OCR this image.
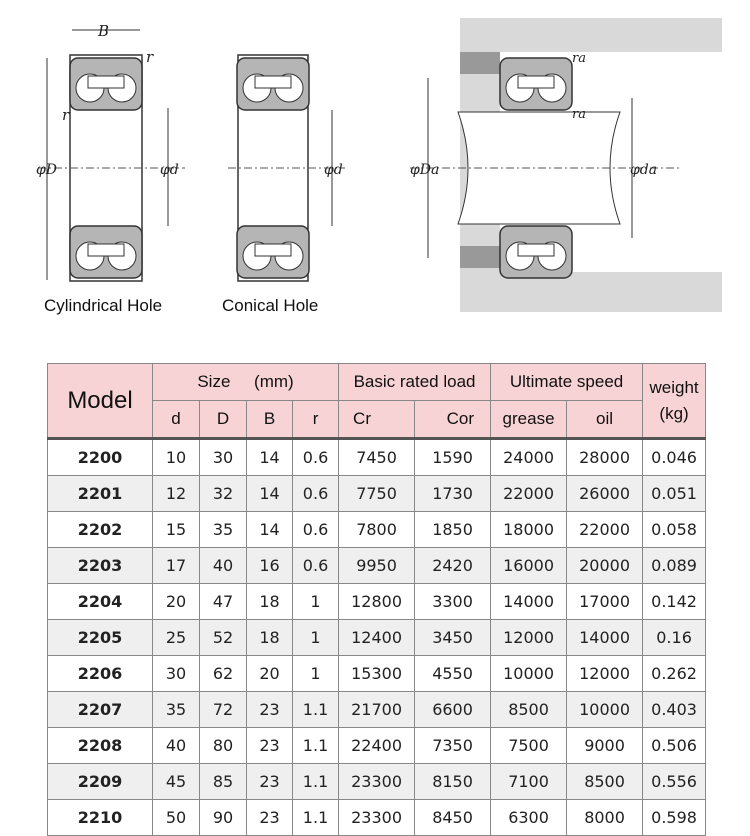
B
r
r
φD	φd	φd	φDa	φda
ra
ra
Cylindrical Hole	Conical Hole
Model	Size (mm)				Basic rated load		Ultimate speed		weight
(kg)

	d	D	B	r	Cr	Cor	grease	oil	
2200	10	30	14	0.6	7450	1590	24000	28000	0.046
2201	12	32	14	0.6	7750	1730	22000	26000	0.051
2202	15	35	14	0.6	7800	1850	18000	22000	0.058
2203	17	40	16	0.6	9950	2420	16000	20000	0.089
2204	20	47	18	1	12800	3300	14000	17000	0.142
2205	25	52	18	1	12400	3450	12000	14000	0.16
2206	30	62	20	1	15300	4550	10000	12000	0.262
2207	35	72	23	1.1	21700	6600	8500	10000	0.403
2208	40	80	23	1.1	22400	7350	7500	9000	0.506
2209	45	85	23	1.1	23300	8150	7100	8500	0.556
2210	50	90	23	1.1	23300	8450	6300	8000	0.598
